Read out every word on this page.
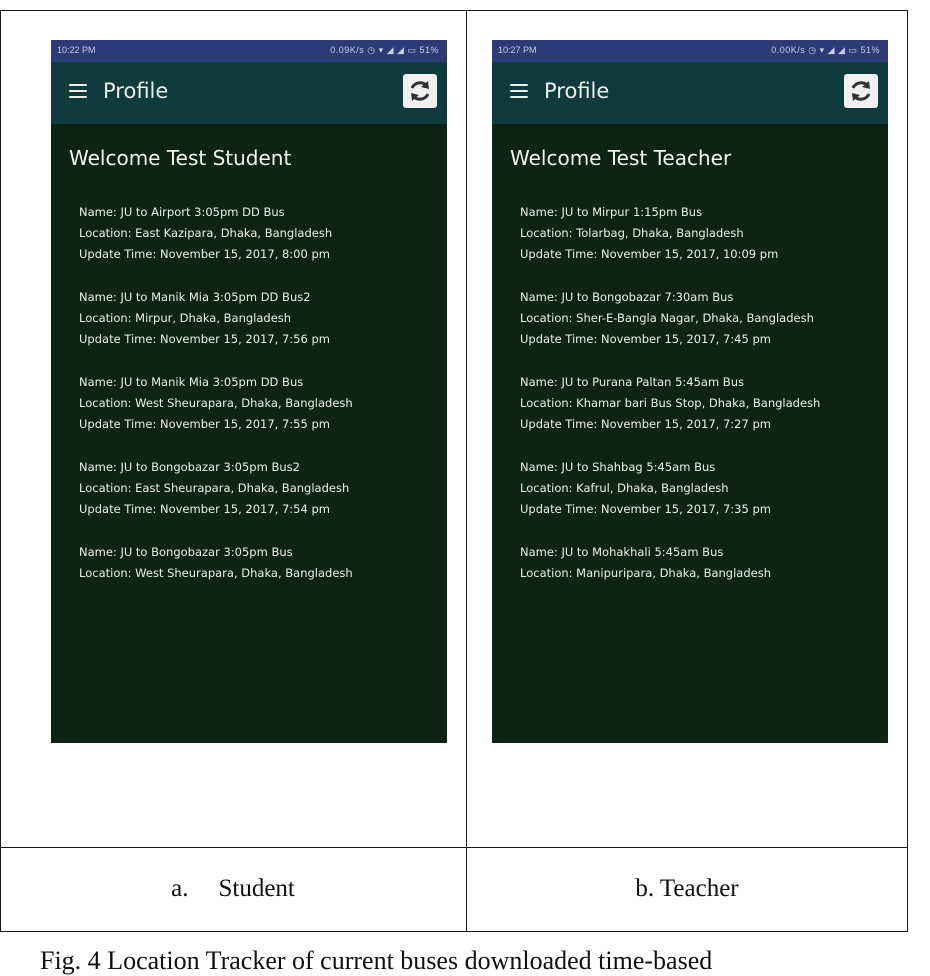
10:22 PM	0.09K/s ◷ ▾ ◢ ◢ ▭ 51%
Profile
Welcome Test Student
Name: JU to Airport 3:05pm DD Bus
Location: East Kazipara, Dhaka, Bangladesh
Update Time: November 15, 2017, 8:00 pm
Name: JU to Manik Mia 3:05pm DD Bus2
Location: Mirpur, Dhaka, Bangladesh
Update Time: November 15, 2017, 7:56 pm
Name: JU to Manik Mia 3:05pm DD Bus
Location: West Sheurapara, Dhaka, Bangladesh
Update Time: November 15, 2017, 7:55 pm
Name: JU to Bongobazar 3:05pm Bus2
Location: East Sheurapara, Dhaka, Bangladesh
Update Time: November 15, 2017, 7:54 pm
Name: JU to Bongobazar 3:05pm Bus
Location: West Sheurapara, Dhaka, Bangladesh
10:27 PM	0.00K/s ◷ ▾ ◢ ◢ ▭ 51%
Profile
Welcome Test Teacher
Name: JU to Mirpur 1:15pm Bus
Location: Tolarbag, Dhaka, Bangladesh
Update Time: November 15, 2017, 10:09 pm
Name: JU to Bongobazar 7:30am Bus
Location: Sher-E-Bangla Nagar, Dhaka, Bangladesh
Update Time: November 15, 2017, 7:45 pm
Name: JU to Purana Paltan 5:45am Bus
Location: Khamar bari Bus Stop, Dhaka, Bangladesh
Update Time: November 15, 2017, 7:27 pm
Name: JU to Shahbag 5:45am Bus
Location: Kafrul, Dhaka, Bangladesh
Update Time: November 15, 2017, 7:35 pm
Name: JU to Mohakhali 5:45am Bus
Location: Manipuripara, Dhaka, Bangladesh
a. Student	b. Teacher
Fig. 4 Location Tracker of current buses downloaded time-based
